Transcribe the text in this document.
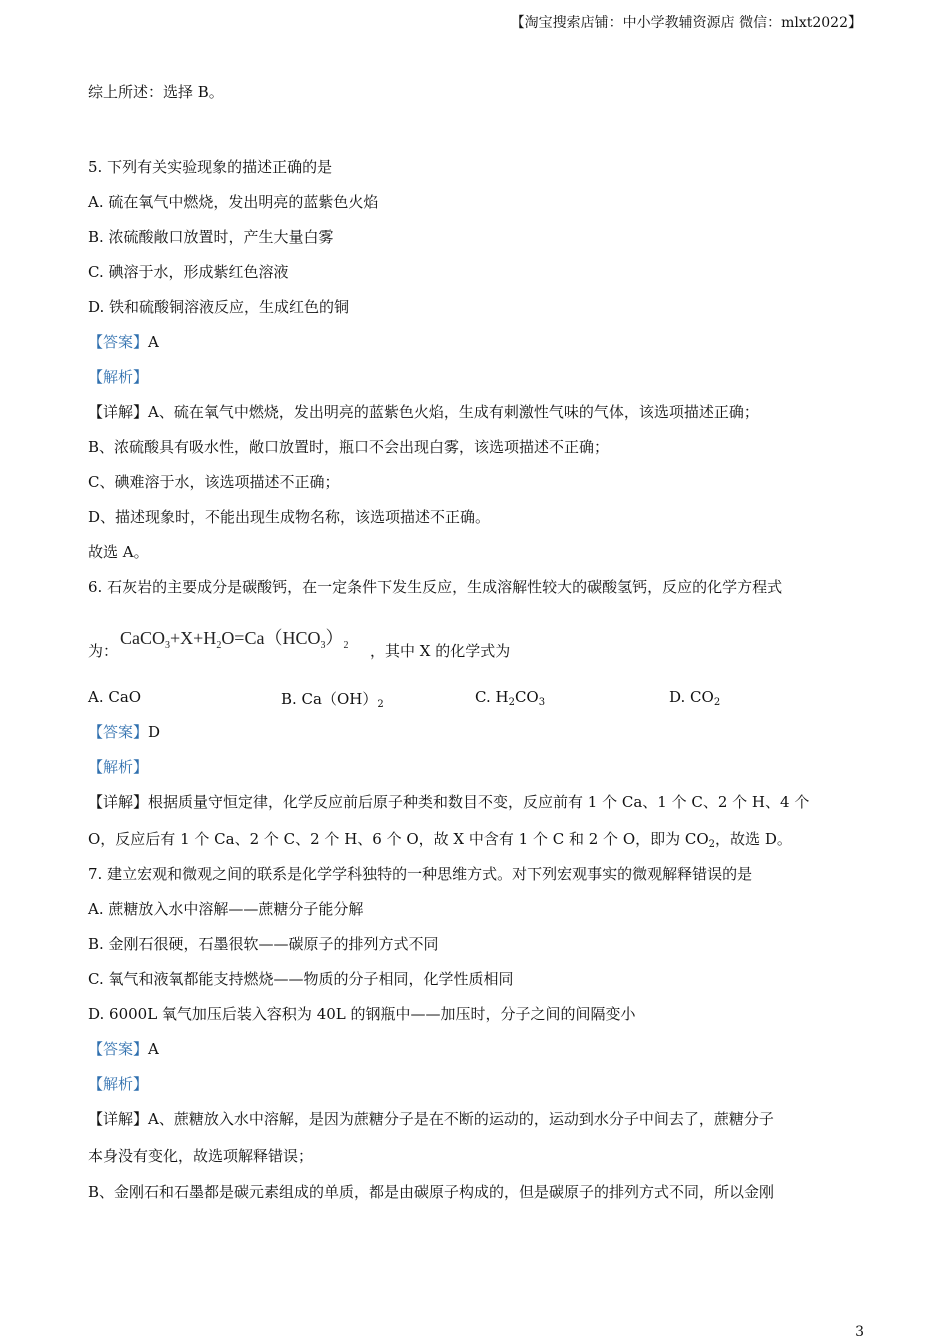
【淘宝搜索店铺：中小学教辅资源店 微信：mlxt2022】
综上所述：选择 B。
5. 下列有关实验现象的描述正确的是
A. 硫在氧气中燃烧，发出明亮的蓝紫色火焰
B. 浓硫酸敞口放置时，产生大量白雾
C. 碘溶于水，形成紫红色溶液
D. 铁和硫酸铜溶液反应，生成红色的铜
【答案】A
【解析】
【详解】A、硫在氧气中燃烧，发出明亮的蓝紫色火焰，生成有刺激性气味的气体，该选项描述正确；
B、浓硫酸具有吸水性，敞口放置时，瓶口不会出现白雾，该选项描述不正确；
C、碘难溶于水，该选项描述不正确；
D、描述现象时，不能出现生成物名称，该选项描述不正确。
故选 A。
6. 石灰岩的主要成分是碳酸钙，在一定条件下发生反应，生成溶解性较大的碳酸氢钙，反应的化学方程式
为：
$CaCO_3+X+H_2O=Ca(HCO_3)_2$ ，其中 X 的化学式为
A. CaO	B. $Ca(OH)_2$	C. $H_2CO_3$	D. $CO_2$
【答案】D
【解析】
【详解】根据质量守恒定律，化学反应前后原子种类和数目不变，反应前有 1 个 Ca、1 个 C、2 个 H、4 个
O，反应后有 1 个 Ca、2 个 C、2 个 H、6 个 O，故 X 中含有 1 个 C 和 2 个 O，即为 $CO_2$，故选 D。
7. 建立宏观和微观之间的联系是化学学科独特的一种思维方式。对下列宏观事实的微观解释错误的是
A. 蔗糖放入水中溶解——蔗糖分子能分解
B. 金刚石很硬，石墨很软——碳原子的排列方式不同
C. 氧气和液氧都能支持燃烧——物质的分子相同，化学性质相同
D. 6000L 氧气加压后装入容积为 40L 的钢瓶中——加压时，分子之间的间隔变小
【答案】A
【解析】
【详解】A、蔗糖放入水中溶解，是因为蔗糖分子是在不断的运动的，运动到水分子中间去了，蔗糖分子
本身没有变化，故选项解释错误；
B、金刚石和石墨都是碳元素组成的单质，都是由碳原子构成的，但是碳原子的排列方式不同，所以金刚
3
